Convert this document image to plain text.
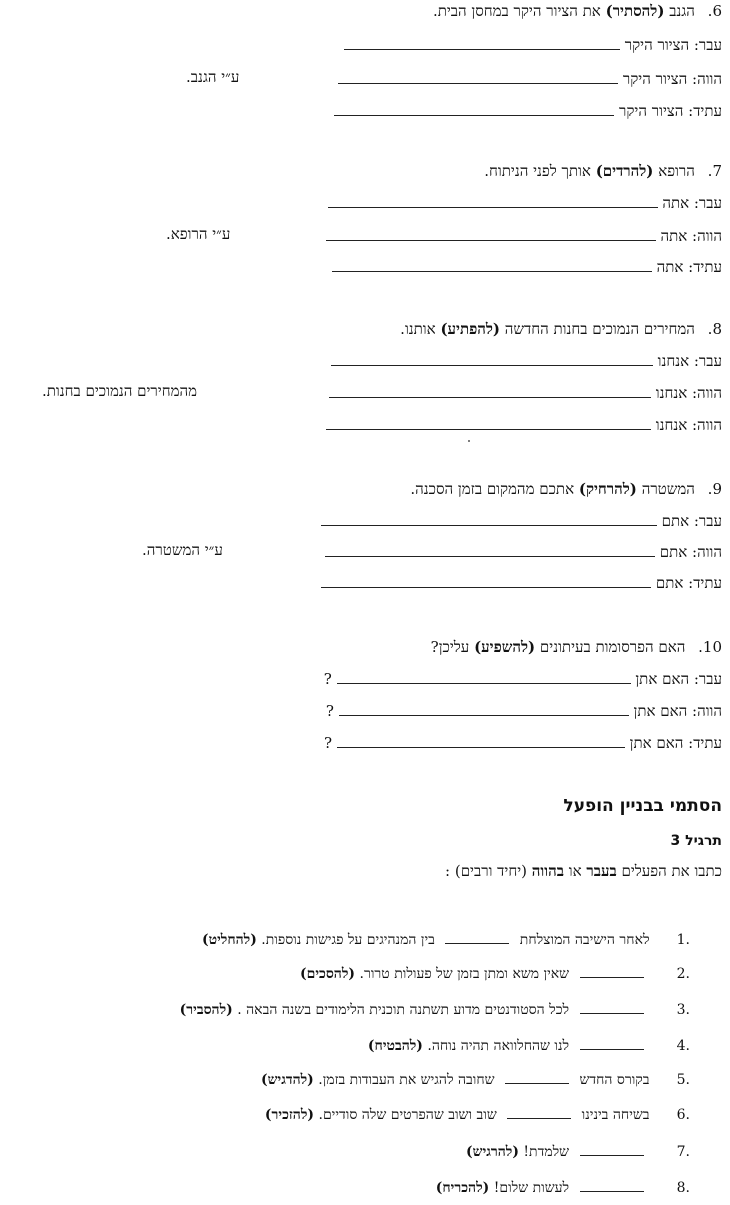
6. הגנב (להסתיר) את הציור היקר במחסן הבית.
עבר: הציור היקר
הווה: הציור היקר
עתיד: הציור היקר
ע״י הגנב.
7. הרופא (להרדים) אותך לפני הניתוח.
עבר: אתה
הווה: אתה
עתיד: אתה
ע״י הרופא.
8. המחירים הנמוכים בחנות החדשה (להפתיע) אותנו.
עבר: אנחנו
הווה: אנחנו
הווה: אנחנו
מהמחירים הנמוכים בחנות.
9. המשטרה (להרחיק) אתכם מהמקום בזמן הסכנה.
עבר: אתם
הווה: אתם
עתיד: אתם
ע״י המשטרה.
10. האם הפרסומות בעיתונים (להשפיע) עליכן?
עבר: האם אתן  ?
הווה: האם אתן  ?
עתיד: האם אתן  ?
הסתמי בבניין הופעל
תרגיל 3
כתבו את הפעלים בעבר או בהווה (יחיד ורבים) :
.1 לאחר הישיבה המוצלחת  בין המנהיגים על פגישות נוספות. (להחליט)
.2  שאין משא ומתן בזמן של פעולות טרור. (להסכים)
.3  לכל הסטודנטים מדוע תשתנה תוכנית הלימודים בשנה הבאה . (להסביר)
.4  לנו שהחלוואה תהיה נוחה. (להבטיח)
.5 בקורס החדש  שחובה להגיש את העבודות בזמן. (להדגיש)
.6 בשיחה בינינו  שוב ושוב שהפרטים שלה סודיים. (להזכיר)
.7  שלמדת! (להרגיש)
.8  לעשות שלום! (להכריח)
